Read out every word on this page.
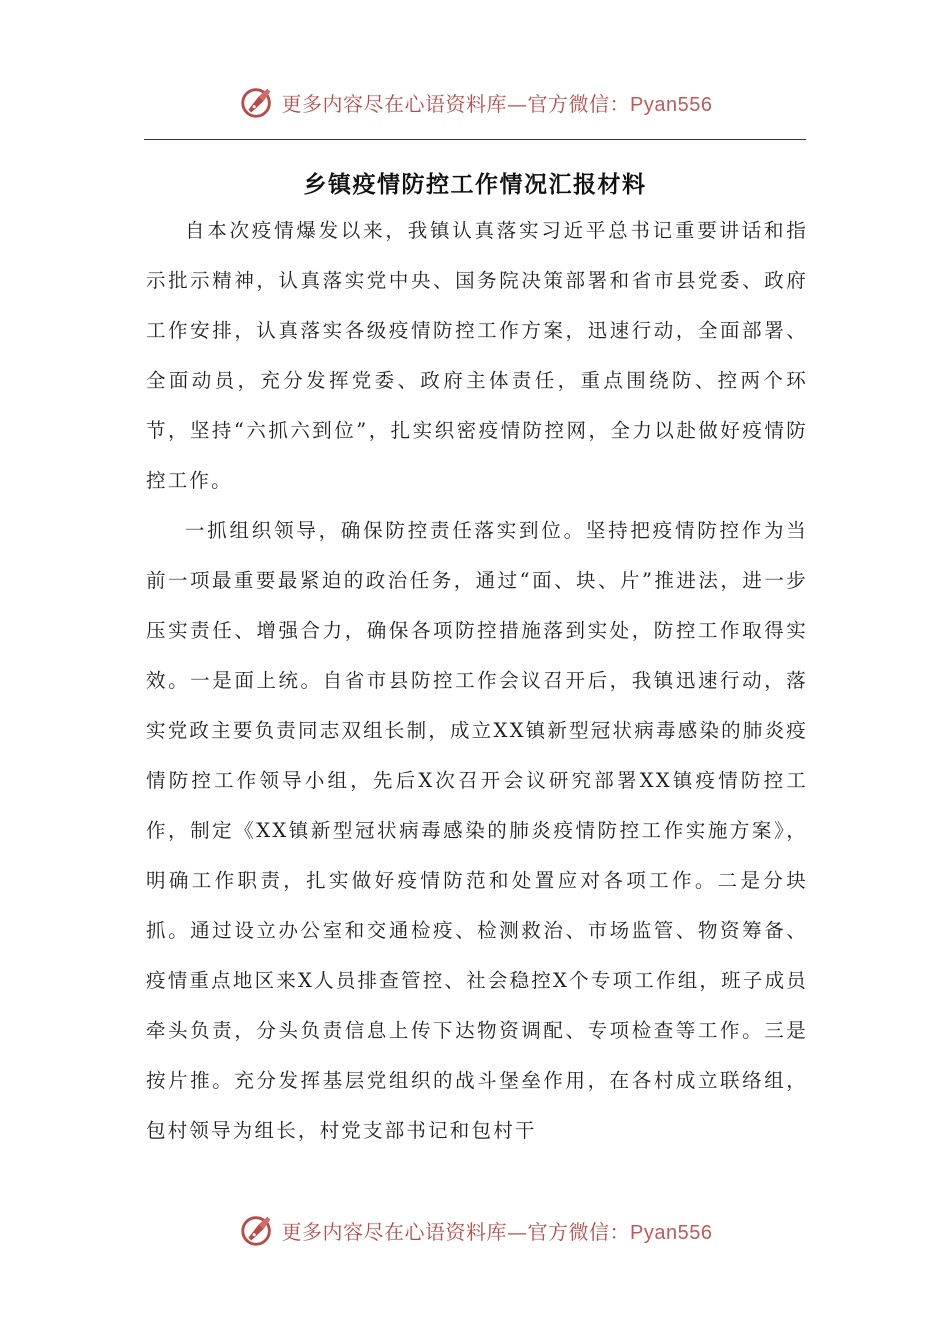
更多内容尽在心语资料库—官方微信：Pyan556
乡镇疫情防控工作情况汇报材料

自本次疫情爆发以来，我镇认真落实习近平总书记重要讲话和指示批示精神，认真落实党中央、国务院决策部署和省市县党委、政府工作安排，认真落实各级疫情防控工作方案，迅速行动，全面部署、全面动员，充分发挥党委、政府主体责任，重点围绕防、控两个环节，坚持“六抓六到位”，扎实织密疫情防控网，全力以赴做好疫情防控工作。

一抓组织领导，确保防控责任落实到位。坚持把疫情防控作为当前一项最重要最紧迫的政治任务，通过“面、块、片”推进法，进一步压实责任、增强合力，确保各项防控措施落到实处，防控工作取得实效。一是面上统。自省市县防控工作会议召开后，我镇迅速行动，落实党政主要负责同志双组长制，成立XX镇新型冠状病毒感染的肺炎疫情防控工作领导小组，先后X次召开会议研究部署XX镇疫情防控工作，制定《XX镇新型冠状病毒感染的肺炎疫情防控工作实施方案》，明确工作职责，扎实做好疫情防范和处置应对各项工作。二是分块抓。通过设立办公室和交通检疫、检测救治、市场监管、物资筹备、疫情重点地区来X人员排查管控、社会稳控X个专项工作组，班子成员牵头负责，分头负责信息上传下达物资调配、专项检查等工作。三是按片推。充分发挥基层党组织的战斗堡垒作用，在各村成立联络组，包村领导为组长，村党支部书记和包村干

更多内容尽在心语资料库—官方微信：Pyan556
